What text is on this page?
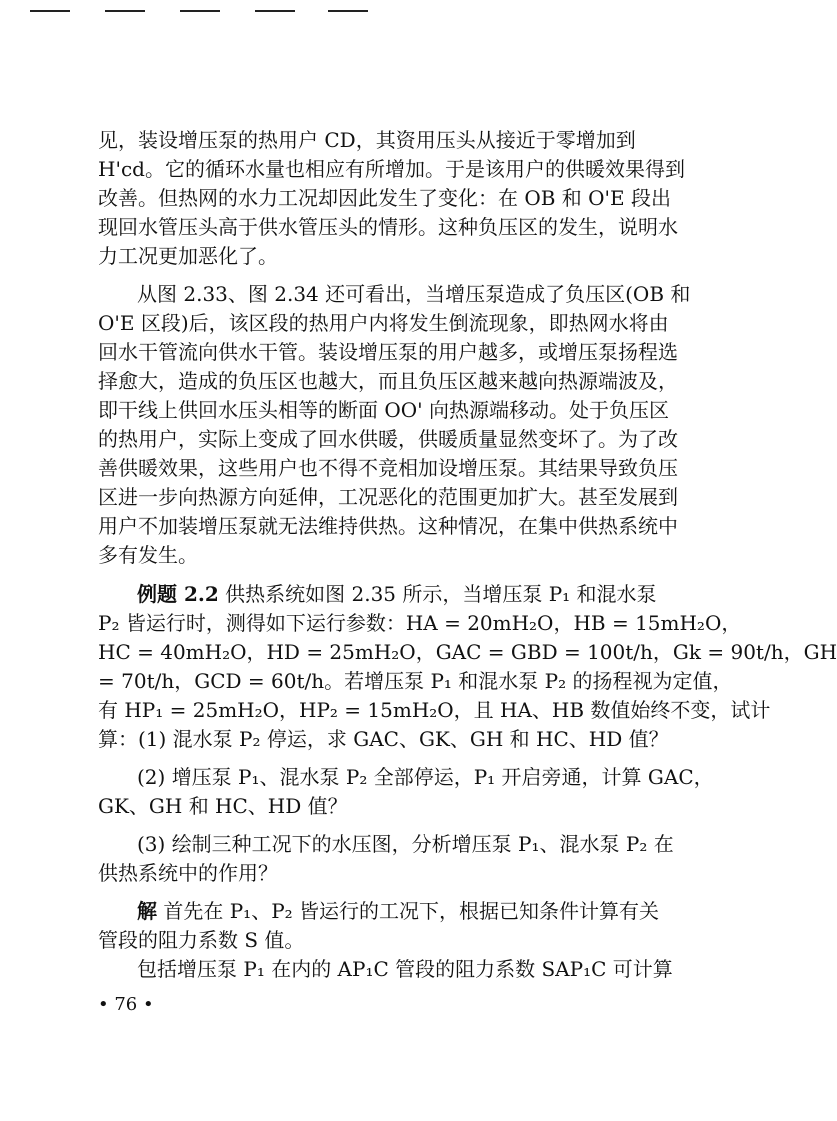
见，装设增压泵的热用户 CD，其资用压头从接近于零增加到
H'cd。它的循环水量也相应有所增加。于是该用户的供暖效果得到
改善。但热网的水力工况却因此发生了变化：在 OB 和 O'E 段出
现回水管压头高于供水管压头的情形。这种负压区的发生，说明水
力工况更加恶化了。
从图 2.33、图 2.34 还可看出，当增压泵造成了负压区(OB 和
O'E 区段)后，该区段的热用户内将发生倒流现象，即热网水将由
回水干管流向供水干管。装设增压泵的用户越多，或增压泵扬程选
择愈大，造成的负压区也越大，而且负压区越来越向热源端波及，
即干线上供回水压头相等的断面 OO' 向热源端移动。处于负压区
的热用户，实际上变成了回水供暖，供暖质量显然变坏了。为了改
善供暖效果，这些用户也不得不竞相加设增压泵。其结果导致负压
区进一步向热源方向延伸，工况恶化的范围更加扩大。甚至发展到
用户不加装增压泵就无法维持供热。这种情况，在集中供热系统中
多有发生。
例题 2.2 供热系统如图 2.35 所示，当增压泵 P₁ 和混水泵
P₂ 皆运行时，测得如下运行参数：HA = 20mH₂O，HB = 15mH₂O，
HC = 40mH₂O，HD = 25mH₂O，GAC = GBD = 100t/h，Gk = 90t/h，GH
= 70t/h，GCD = 60t/h。若增压泵 P₁ 和混水泵 P₂ 的扬程视为定值，
有 HP₁ = 25mH₂O，HP₂ = 15mH₂O，且 HA、HB 数值始终不变，试计
算：(1) 混水泵 P₂ 停运，求 GAC、GK、GH 和 HC、HD 值？
(2) 增压泵 P₁、混水泵 P₂ 全部停运，P₁ 开启旁通，计算 GAC，
GK、GH 和 HC、HD 值？
(3) 绘制三种工况下的水压图，分析增压泵 P₁、混水泵 P₂ 在
供热系统中的作用？
解 首先在 P₁、P₂ 皆运行的工况下，根据已知条件计算有关
管段的阻力系数 S 值。
包括增压泵 P₁ 在内的 AP₁C 管段的阻力系数 SAP₁C 可计算
• 76 •
